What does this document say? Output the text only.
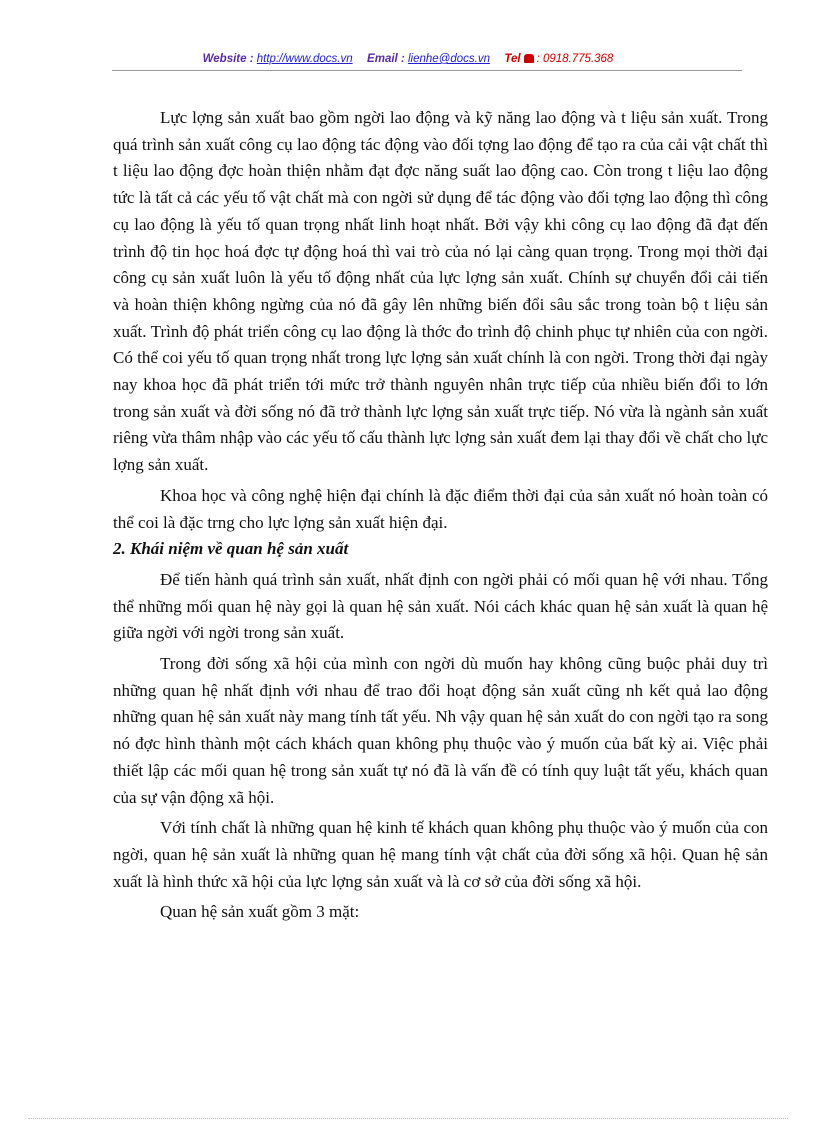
Website : http://www.docs.vn Email : lienhe@docs.vn Tel : 0918.775.368

Lực lợng sản xuất bao gồm ngời lao động và kỹ năng lao động và t liệu sản xuất. Trong quá trình sản xuất công cụ lao động tác động vào đối tợng lao động để tạo ra của cải vật chất thì t liệu lao động đợc hoàn thiện nhằm đạt đợc năng suất lao động cao. Còn trong t liệu lao động tức là tất cả các yếu tố vật chất mà con ngời sử dụng để tác động vào đối tợng lao động thì công cụ lao động là yếu tố quan trọng nhất linh hoạt nhất. Bởi vậy khi công cụ lao động đã đạt đến trình độ tin học hoá đợc tự động hoá thì vai trò của nó lại càng quan trọng. Trong mọi thời đại công cụ sản xuất luôn là yếu tố động nhất của lực lợng sản xuất. Chính sự chuyển đổi cải tiến và hoàn thiện không ngừng của nó đã gây lên những biến đổi sâu sắc trong toàn bộ t liệu sản xuất. Trình độ phát triển công cụ lao động là thớc đo trình độ chinh phục tự nhiên của con ngời. Có thể coi yếu tố quan trọng nhất trong lực lợng sản xuất chính là con ngời. Trong thời đại ngày nay khoa học đã phát triển tới mức trở thành nguyên nhân trực tiếp của nhiều biến đổi to lớn trong sản xuất và đời sống nó đã trở thành lực lợng sản xuất trực tiếp. Nó vừa là ngành sản xuất riêng vừa thâm nhập vào các yếu tố cấu thành lực lợng sản xuất đem lại thay đổi về chất cho lực lợng sản xuất.

Khoa học và công nghệ hiện đại chính là đặc điểm thời đại của sản xuất nó hoàn toàn có thể coi là đặc trng cho lực lợng sản xuất hiện đại.

2. Khái niệm về quan hệ sản xuất

Để tiến hành quá trình sản xuất, nhất định con ngời phải có mối quan hệ với nhau. Tổng thể những mối quan hệ này gọi là quan hệ sản xuất. Nói cách khác quan hệ sản xuất là quan hệ giữa ngời với ngời trong sản xuất.

Trong đời sống xã hội của mình con ngời dù muốn hay không cũng buộc phải duy trì những quan hệ nhất định với nhau để trao đổi hoạt động sản xuất cũng nh kết quả lao động những quan hệ sản xuất này mang tính tất yếu. Nh vậy quan hệ sản xuất do con ngời tạo ra song nó đợc hình thành một cách khách quan không phụ thuộc vào ý muốn của bất kỳ ai. Việc phải thiết lập các mối quan hệ trong sản xuất tự nó đã là vấn đề có tính quy luật tất yếu, khách quan của sự vận động xã hội.

Với tính chất là những quan hệ kinh tế khách quan không phụ thuộc vào ý muốn của con ngời, quan hệ sản xuất là những quan hệ mang tính vật chất của đời sống xã hội. Quan hệ sản xuất là hình thức xã hội của lực lợng sản xuất và là cơ sở của đời sống xã hội.

Quan hệ sản xuất gồm 3 mặt:
